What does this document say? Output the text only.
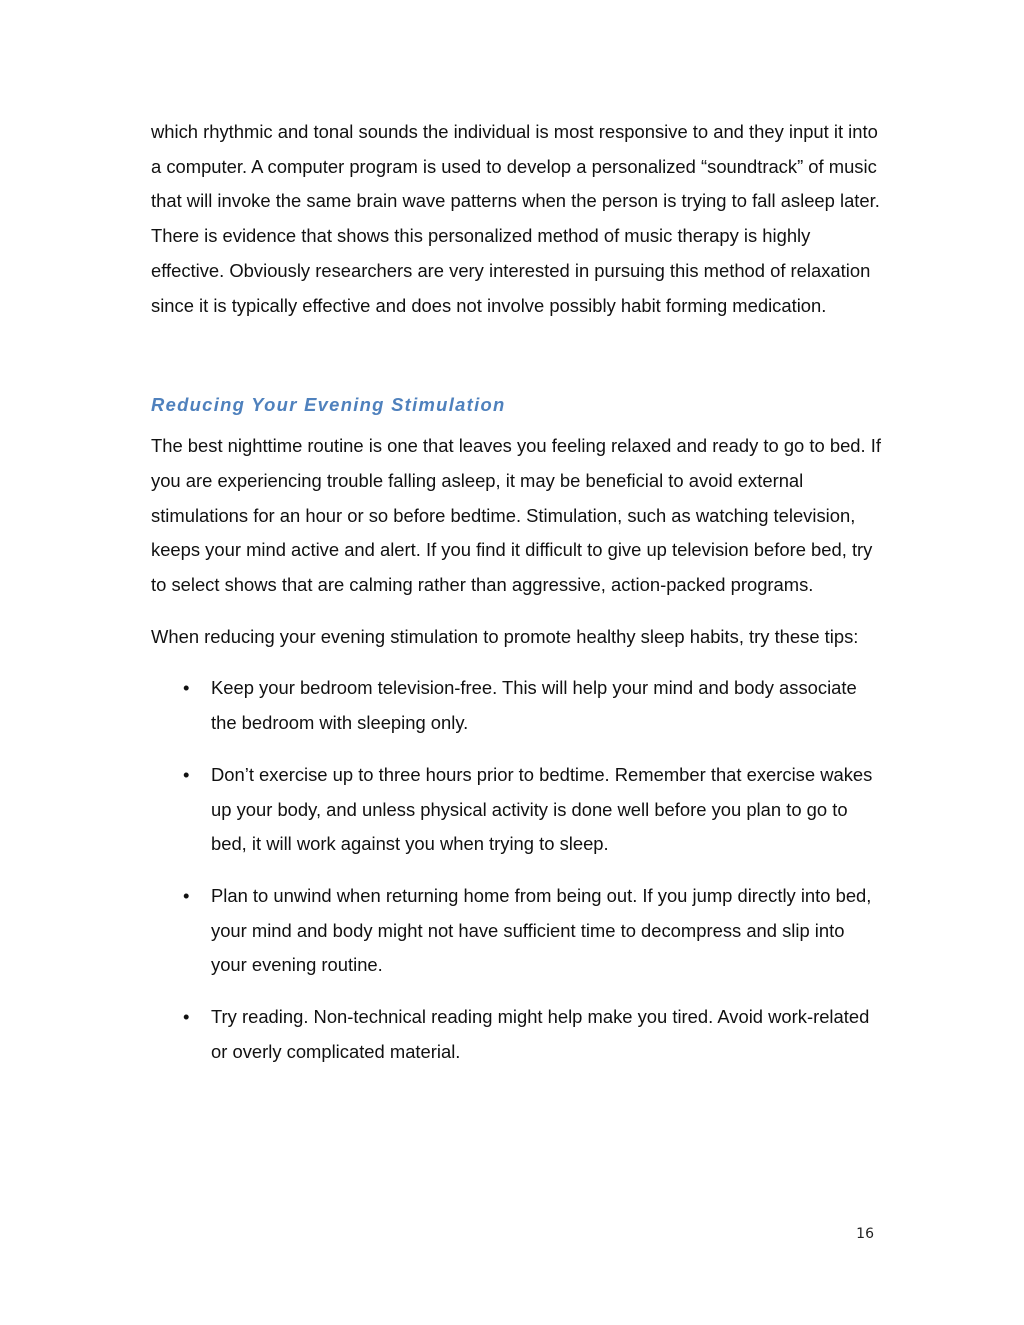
which rhythmic and tonal sounds the individual is most responsive to and they input it into a computer. A computer program is used to develop a personalized “soundtrack” of music that will invoke the same brain wave patterns when the person is trying to fall asleep later. There is evidence that shows this personalized method of music therapy is highly effective. Obviously researchers are very interested in pursuing this method of relaxation since it is typically effective and does not involve possibly habit forming medication.

Reducing Your Evening Stimulation

The best nighttime routine is one that leaves you feeling relaxed and ready to go to bed. If you are experiencing trouble falling asleep, it may be beneficial to avoid external stimulations for an hour or so before bedtime. Stimulation, such as watching television, keeps your mind active and alert. If you find it difficult to give up television before bed, try to select shows that are calming rather than aggressive, action-packed programs.

When reducing your evening stimulation to promote healthy sleep habits, try these tips:

• Keep your bedroom television-free. This will help your mind and body associate the bedroom with sleeping only.

• Don’t exercise up to three hours prior to bedtime. Remember that exercise wakes up your body, and unless physical activity is done well before you plan to go to bed, it will work against you when trying to sleep.

• Plan to unwind when returning home from being out. If you jump directly into bed, your mind and body might not have sufficient time to decompress and slip into your evening routine.

• Try reading. Non-technical reading might help make you tired. Avoid work-related or overly complicated material.

16
